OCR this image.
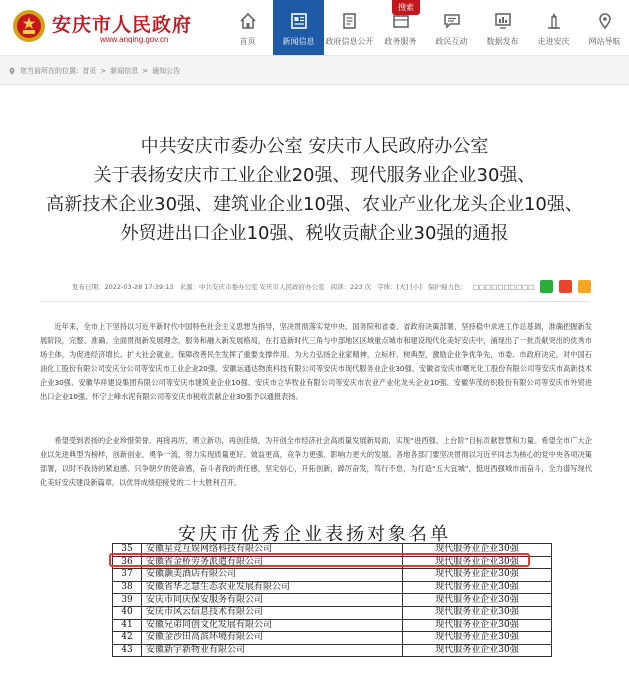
安庆市人民政府
www.anqing.gov.cn	首页	新闻信息 政府信息公开 政务服务 政民互动 数据发布 走进安庆 网站导航
搜索
您当前所在的位置: 首页 > 新闻信息 > 通知公告
中共安庆市委办公室 安庆市人民政府办公室
关于表扬安庆市工业企业20强、现代服务业企业30强、
高新技术企业30强、建筑业企业10强、农业产业化龙头企业10强、
外贸进出口企业10强、税收贡献企业30强的通报
发布日期：2022-03-28 17:39:13 来源：中共安庆市委办公室 安庆市人民政府办公室 阅读：223 次 字体：[大] [小] 保护视力色： □□□□□□□□□□
近年来，全市上下坚持以习近平新时代中国特色社会主义思想为指导，坚决贯彻落实党中央、国务院和省委、省政府决策部署，坚持稳中求进工作总基调，准确把握新发展阶段，完整、准确、全面贯彻新发展理念，服务和融入新发展格局，在打造新时代三角与中部地区区域重点城市和建设现代化美好安庆中，涌现出了一批贡献突出的优秀市场主体，为促进经济增长、扩大社会就业、保障改善民生发挥了重要支撑作用。为大力弘扬企业家精神，立标杆、树典型，激励企业争优争先，市委、市政府决定，对中国石油化工股份有限公司安庆分公司等安庆市工业企业20强、安徽运通达物流科技有限公司等安庆市现代服务业企业30强、安徽省安庆市曙光化工股份有限公司等安庆市高新技术企业30强、安徽华祥建设集团有限公司等安庆市建筑业企业10强、安庆市立华牧业有限公司等安庆市农业产业化龙头企业10强、安徽华茂纺织股份有限公司等安庆市外贸进出口企业10强、怀宁上峰水泥有限公司等安庆市税收贡献企业30强予以通报表扬。
希望受到表扬的企业珍惜荣誉、再接再厉，勇立新功，再创佳绩，为开创全市经济社会高质量发展新局面，实现“进西强、上台阶”目标贡献智慧和力量。希望全市广大企业以先进典型为榜样，创新创业，勇争一流，努力实现质量更好、效益更高，竞争力更强、影响力更大的发展。各地各部门要坚决贯彻以习近平同志为核心的党中央各项决策部署，以时不我待的紧迫感、只争朝夕的使命感，奋斗者我的责任感，坚定信心，开拓创新，踔厉奋发，笃行不怠，为打造“五大宜城”，挺进西强城市而奋斗，全力谱写现代化美好安庆建设新篇章，以优异成绩迎接党的二十大胜利召开。
安庆市优秀企业表扬对象名单
35	安徽星竞互娱网络科技有限公司	现代服务业企业30强
36	安徽省金桥劳务派遣有限公司	现代服务业企业30强
37	安徽灏美酒店有限公司	现代服务业企业30强
38	安徽省华之慧生态农业发展有限公司	现代服务业企业30强
39	安庆市同庆保安服务有限公司	现代服务业企业30强
40	安庆市风云信息技术有限公司	现代服务业企业30强
41	安徽兄弟同创文化发展有限公司	现代服务业企业30强
42	安徽金沙田高滨环境有限公司	现代服务业企业30强
43	安徽新宇新物业有限公司	现代服务业企业30强
